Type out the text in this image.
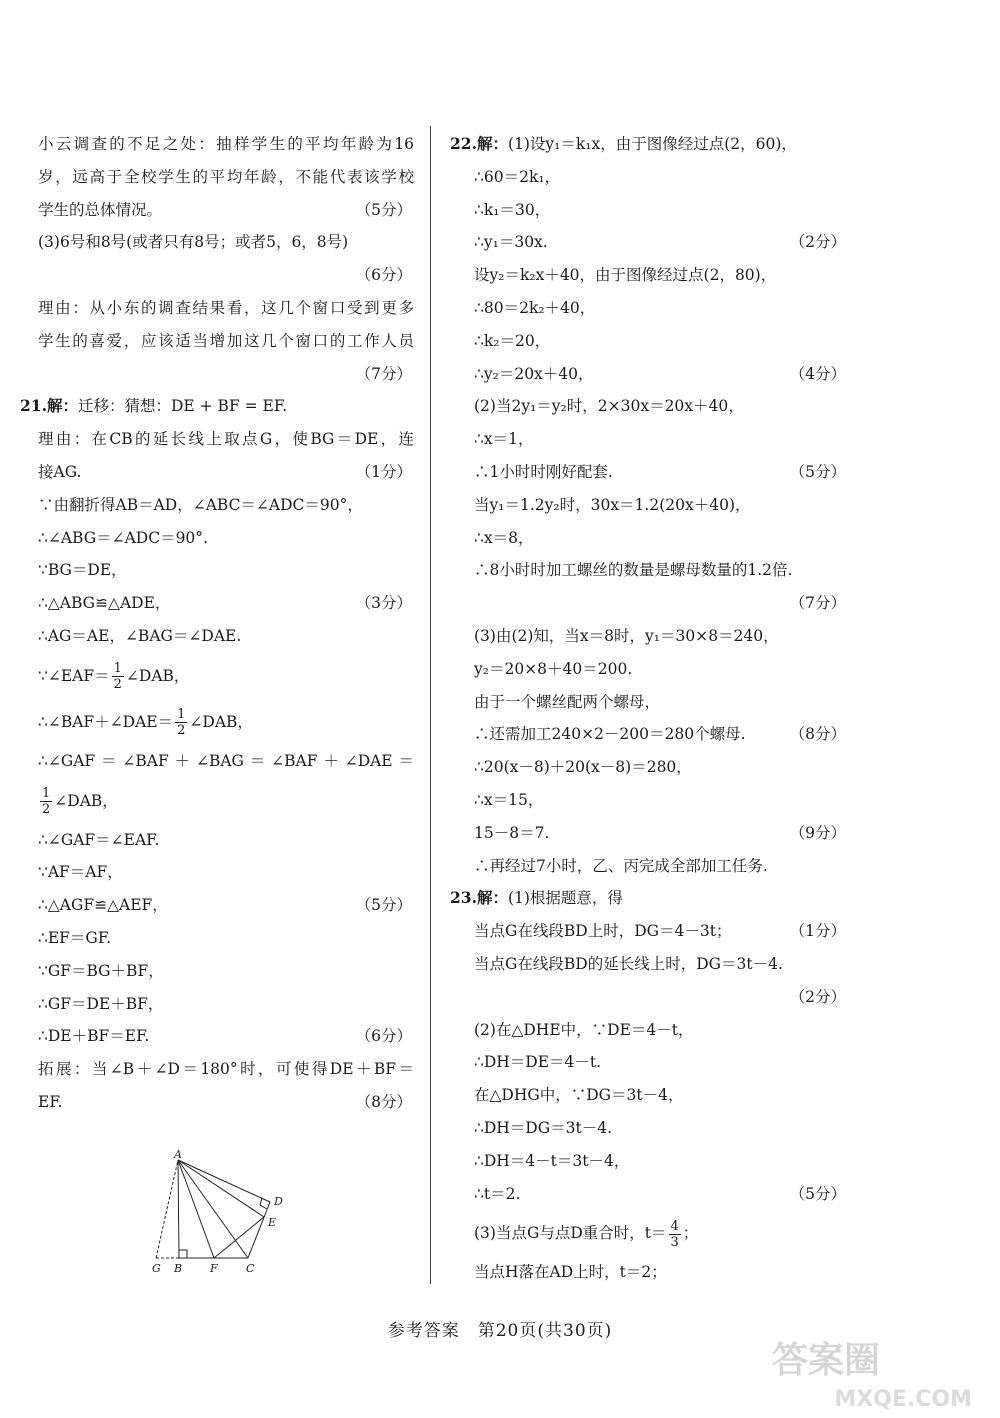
小云调查的不足之处：抽样学生的平均年龄为16
岁，远高于全校学生的平均年龄，不能代表该学校
学生的总体情况。	（5分）
(3)6号和8号(或者只有8号；或者5，6，8号)
（6分）
理由：从小东的调查结果看，这几个窗口受到更多
学生的喜爱，应该适当增加这几个窗口的工作人员
（7分）
21.解：迁移：猜想：DE + BF = EF.
理由：在CB的延长线上取点G，使BG＝DE，连
接AG.	（1分）
∵由翻折得AB＝AD，∠ABC＝∠ADC＝90°，
∴∠ABG＝∠ADC＝90°.
∵BG＝DE，
∴△ABG≌△ADE，	（3分）
∴AG＝AE，∠BAG＝∠DAE.
∵∠EAF＝ $\frac{1}{2}$ ∠DAB，
∴∠BAF＋∠DAE＝ $\frac{1}{2}$ ∠DAB，
∴∠GAF＝∠BAF＋∠BAG＝∠BAF＋∠DAE＝
$\frac{1}{2}$ ∠DAB，
∴∠GAF＝∠EAF.
∵AF＝AF，
∴△AGF≌△AEF，	（5分）
∴EF＝GF.
∵GF＝BG＋BF，
∴GF＝DE＋BF，
∴DE＋BF＝EF.	（6分）
拓展：当∠B＋∠D＝180°时，可使得DE＋BF＝
EF.	（8分）
A
D
E
G B	F	C
22.解：(1)设y₁＝k₁x，由于图像经过点(2，60)，
∴60＝2k₁，
∴k₁＝30，
∴y₁＝30x.	（2分）
设y₂＝k₂x＋40，由于图像经过点(2，80)，
∴80＝2k₂＋40，
∴k₂＝20，
∴y₂＝20x＋40，	（4分）
(2)当2y₁＝y₂时，2×30x＝20x＋40，
∴x＝1，
∴1小时时刚好配套.	（5分）
当y₁＝1.2y₂时，30x＝1.2(20x＋40)，
∴x＝8，
∴8小时时加工螺丝的数量是螺母数量的1.2倍.
（7分）
(3)由(2)知，当x＝8时，y₁＝30×8＝240，
y₂＝20×8＋40＝200.
由于一个螺丝配两个螺母，
∴还需加工240×2－200＝280个螺母.	（8分）
∴20(x－8)＋20(x－8)＝280，
∴x＝15，
15－8＝7.	（9分）
∴再经过7小时，乙、丙完成全部加工任务.
23.解：(1)根据题意，得
当点G在线段BD上时，DG＝4－3t；	（1分）
当点G在线段BD的延长线上时，DG＝3t－4.
（2分）
(2)在△DHE中，∵DE＝4－t，
∴DH＝DE＝4－t.
在△DHG中，∵DG＝3t－4，
∴DH＝DG＝3t－4.
∴DH＝4－t＝3t－4，
∴t＝2.	（5分）
(3)当点G与点D重合时，$t= \frac{4}{3}$ ；
当点H落在AD上时，t＝2；
参考答案　第20页(共30页)
答案圈
MXQE.COM
